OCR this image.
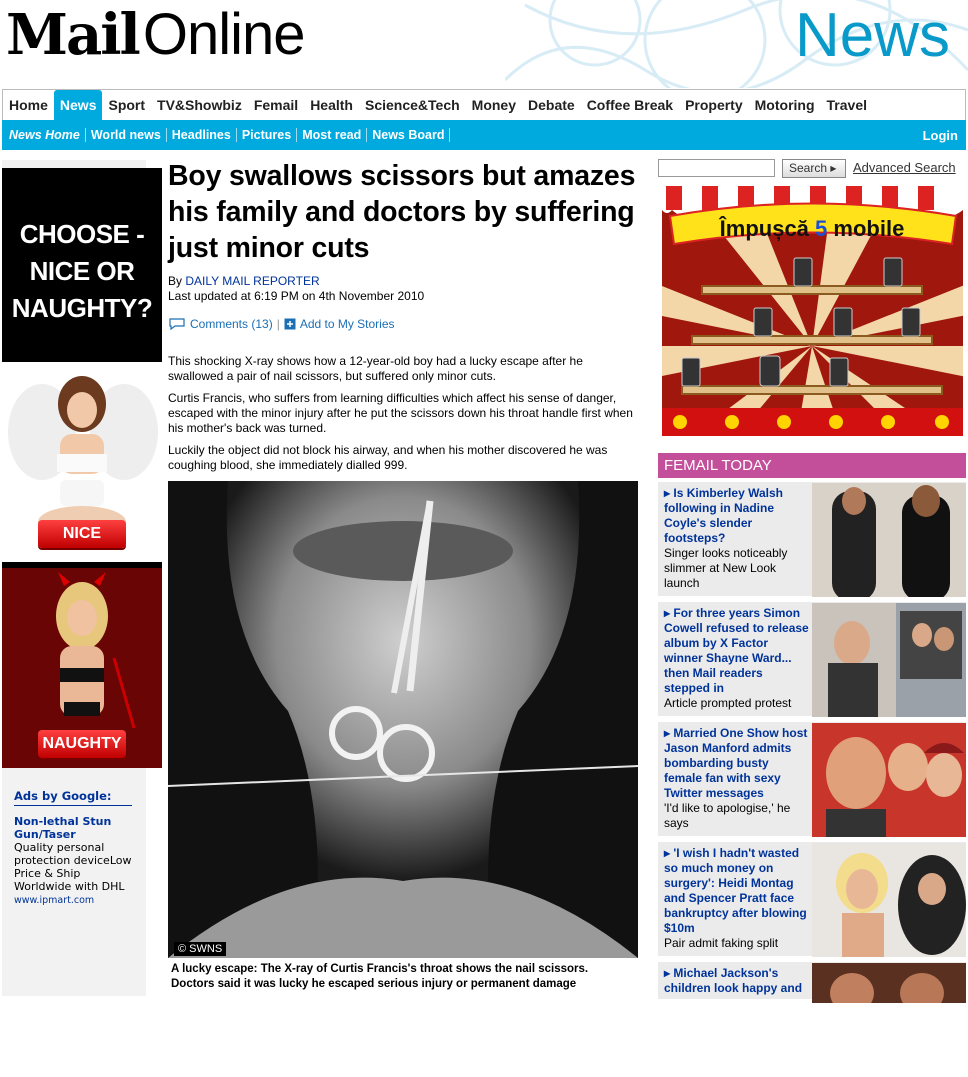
Mail Online	News
Home News Sport TV&Showbiz Femail Health Science&Tech Money Debate Coffee Break Property Motoring Travel
News Home World news Headlines Pictures Most read News Board	Login
CHOOSE -
NICE OR
NAUGHTY?
NICE
NAUGHTY
Ads by Google:
Non-lethal Stun Gun/Taser
Quality personal protection deviceLow Price & Ship Worldwide with DHL
www.ipmart.com
Boy swallows scissors but amazes his family and doctors by suffering just minor cuts
By DAILY MAIL REPORTER
Last updated at 6:19 PM on 4th November 2010
Comments (13) | Add to My Stories

This shocking X-ray shows how a 12-year-old boy had a lucky escape after he swallowed a pair of nail scissors, but suffered only minor cuts.

Curtis Francis, who suffers from learning difficulties which affect his sense of danger, escaped with the minor injury after he put the scissors down his throat handle first when his mother's back was turned.

Luckily the object did not block his airway, and when his mother discovered he was coughing blood, she immediately dialled 999.

© SWNS
A lucky escape: The X-ray of Curtis Francis's throat shows the nail scissors. Doctors said it was lucky he escaped serious injury or permanent damage
Search ▸	Advanced Search
Împușcă 5 mobile
FEMAIL TODAY
▸ Is Kimberley Walsh following in Nadine Coyle's slender footsteps?
Singer looks noticeably slimmer at New Look launch
▸ For three years Simon Cowell refused to release album by X Factor winner Shayne Ward... then Mail readers stepped in
Article prompted protest
▸ Married One Show host Jason Manford admits bombarding busty female fan with sexy Twitter messages
'I'd like to apologise,' he says
▸ 'I wish I hadn't wasted so much money on surgery': Heidi Montag and Spencer Pratt face bankruptcy after blowing $10m
Pair admit faking split
▸ Michael Jackson's children look happy and
